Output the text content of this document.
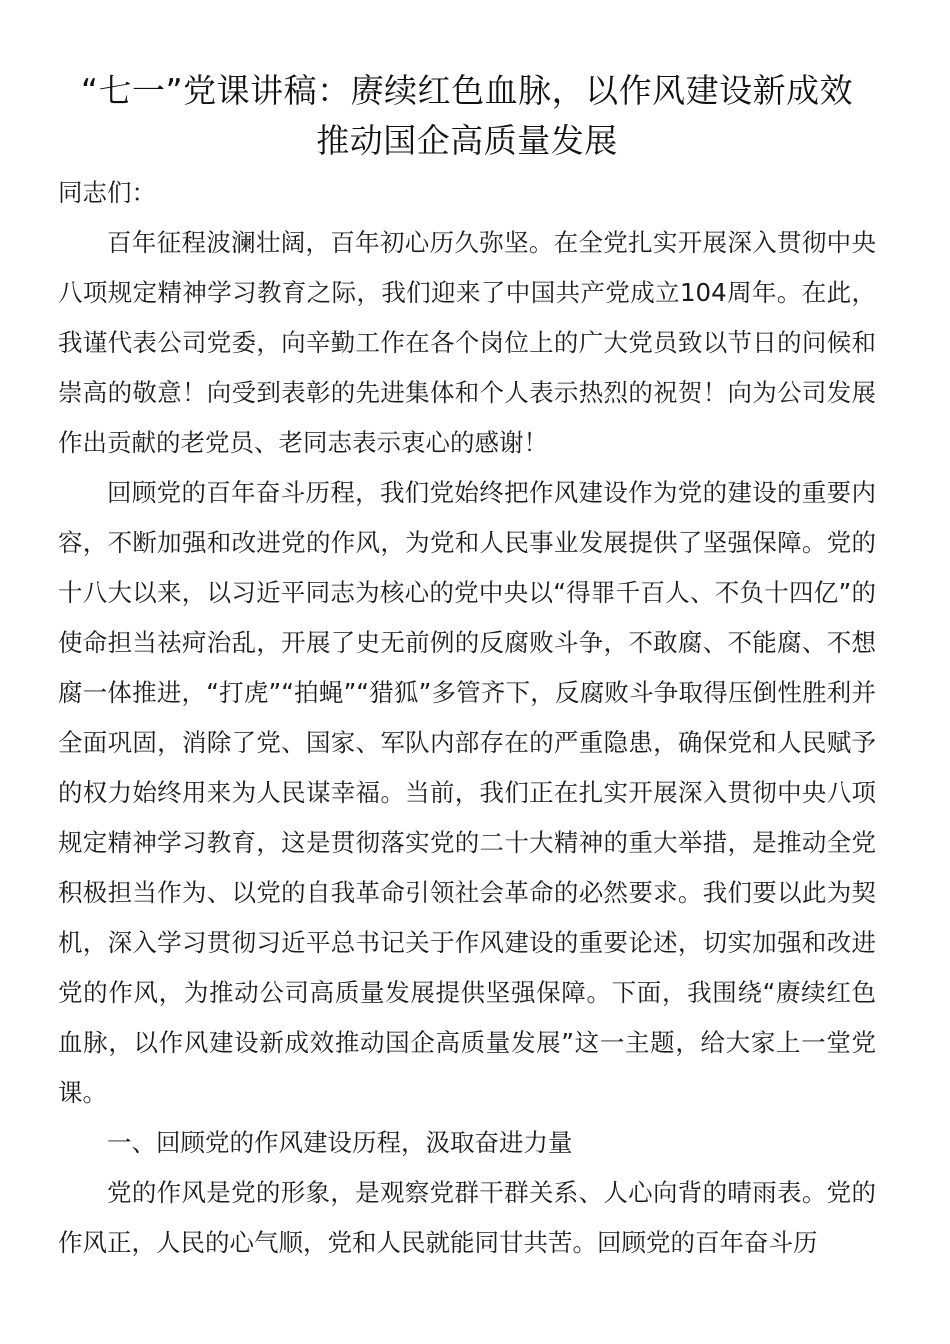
“七一”党课讲稿：赓续红色血脉，以作风建设新成效
推动国企高质量发展

同志们：

百年征程波澜壮阔，百年初心历久弥坚。在全党扎实开展深入贯彻中央八项规定精神学习教育之际，我们迎来了中国共产党成立104周年。在此，我谨代表公司党委，向辛勤工作在各个岗位上的广大党员致以节日的问候和崇高的敬意！向受到表彰的先进集体和个人表示热烈的祝贺！向为公司发展作出贡献的老党员、老同志表示衷心的感谢！

回顾党的百年奋斗历程，我们党始终把作风建设作为党的建设的重要内容，不断加强和改进党的作风，为党和人民事业发展提供了坚强保障。党的十八大以来，以习近平同志为核心的党中央以“得罪千百人、不负十四亿”的使命担当祛疴治乱，开展了史无前例的反腐败斗争，不敢腐、不能腐、不想腐一体推进，“打虎”“拍蝇”“猎狐”多管齐下，反腐败斗争取得压倒性胜利并全面巩固，消除了党、国家、军队内部存在的严重隐患，确保党和人民赋予的权力始终用来为人民谋幸福。当前，我们正在扎实开展深入贯彻中央八项规定精神学习教育，这是贯彻落实党的二十大精神的重大举措，是推动全党积极担当作为、以党的自我革命引领社会革命的必然要求。我们要以此为契机，深入学习贯彻习近平总书记关于作风建设的重要论述，切实加强和改进党的作风，为推动公司高质量发展提供坚强保障。下面，我围绕“赓续红色血脉，以作风建设新成效推动国企高质量发展”这一主题，给大家上一堂党课。

一、回顾党的作风建设历程，汲取奋进力量

党的作风是党的形象，是观察党群干群关系、人心向背的晴雨表。党的作风正，人民的心气顺，党和人民就能同甘共苦。回顾党的百年奋斗历
